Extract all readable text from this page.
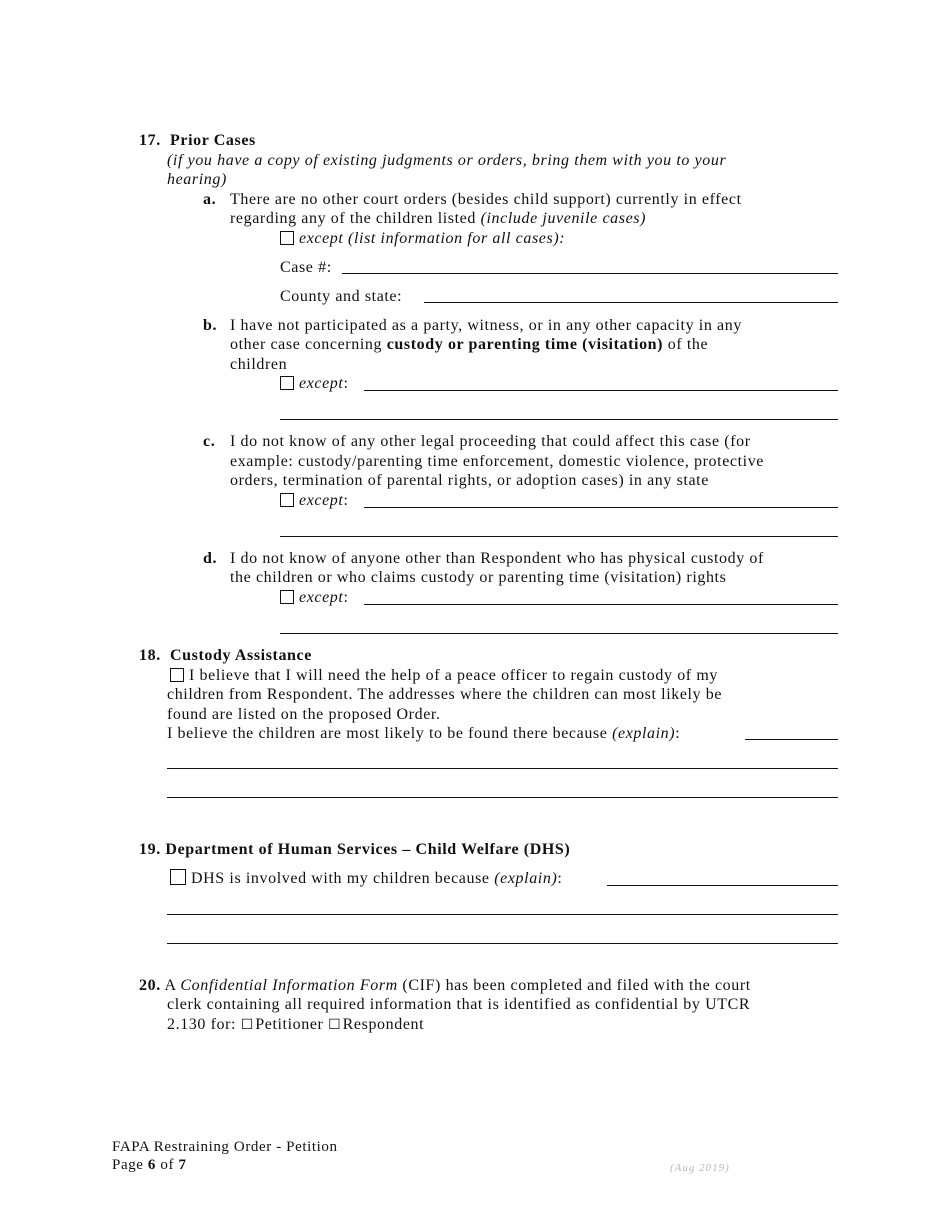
17. Prior Cases
(if you have a copy of existing judgments or orders, bring them with you to your
hearing)
a. There are no other court orders (besides child support) currently in effect
regarding any of the children listed (include juvenile cases)
except (list information for all cases):
Case #:
County and state:
b. I have not participated as a party, witness, or in any other capacity in any
other case concerning custody or parenting time (visitation) of the
children
except:
c. I do not know of any other legal proceeding that could affect this case (for
example: custody/parenting time enforcement, domestic violence, protective
orders, termination of parental rights, or adoption cases) in any state
except:
d. I do not know of anyone other than Respondent who has physical custody of
the children or who claims custody or parenting time (visitation) rights
except:
18. Custody Assistance
I believe that I will need the help of a peace officer to regain custody of my
children from Respondent. The addresses where the children can most likely be
found are listed on the proposed Order.
I believe the children are most likely to be found there because (explain):
19. Department of Human Services – Child Welfare (DHS)
DHS is involved with my children because (explain):
20. A Confidential Information Form (CIF) has been completed and filed with the court
clerk containing all required information that is identified as confidential by UTCR
2.130 for: ☐ Petitioner ☐ Respondent
FAPA Restraining Order - Petition
Page 6 of 7	(Aug 2019)
